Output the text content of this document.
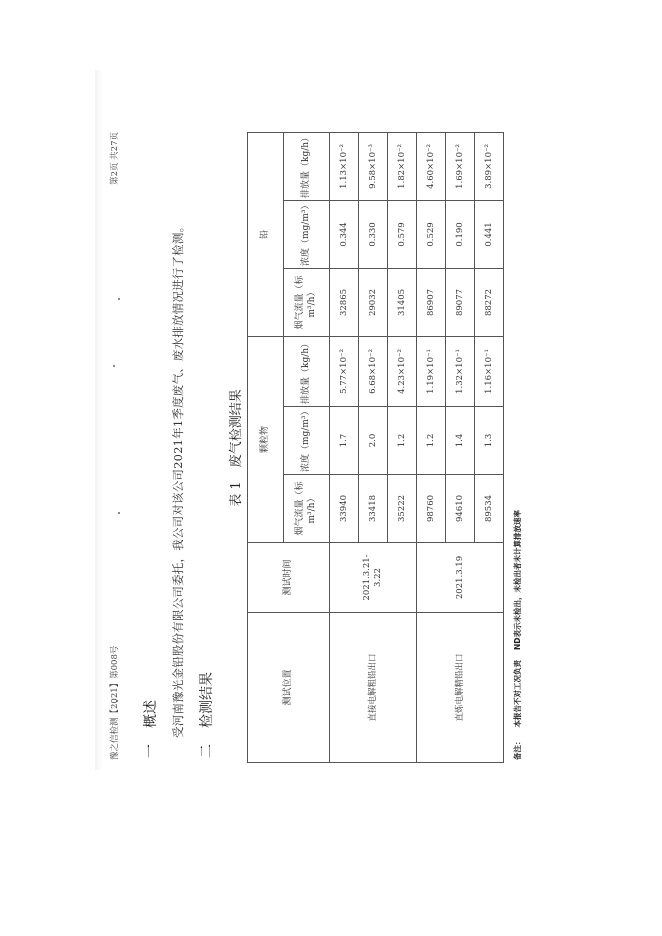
豫之信检测【2021】第008号
第2页 共27页
一概述 受河南豫光金铅股份有限公司委托，我公司对该公司2021年1季度废气、废水排放情况进行了检测。
二检测结果
表 1废气检测结果
测试位置	测试时间	颗粒物			铅		
		烟气流量（标 m³/h）	浓度（mg/m³）	排放量（kg/h）	烟气流量（标 m³/h）	浓度（mg/m³）	排放量（kg/h）
直接电解粗铅出口	2021.3.21-3.22	33940	1.7	5.77×10⁻²	32865	0.344	1.13×10⁻²
		33418	2.0	6.68×10⁻²	29032	0.330	9.58×10⁻³
		35222	1.2	4.23×10⁻²	31405	0.579	1.82×10⁻²
直炼电解精铅出口	2021.3.19	98760	1.2	1.19×10⁻¹	86907	0.529	4.60×10⁻²
		94610	1.4	1.32×10⁻¹	89077	0.190	1.69×10⁻²
		89534	1.3	1.16×10⁻¹	88272	0.441	3.89×10⁻²
备注：本报告不对工况负责ND表示未检出，未检出者未计算排放速率
